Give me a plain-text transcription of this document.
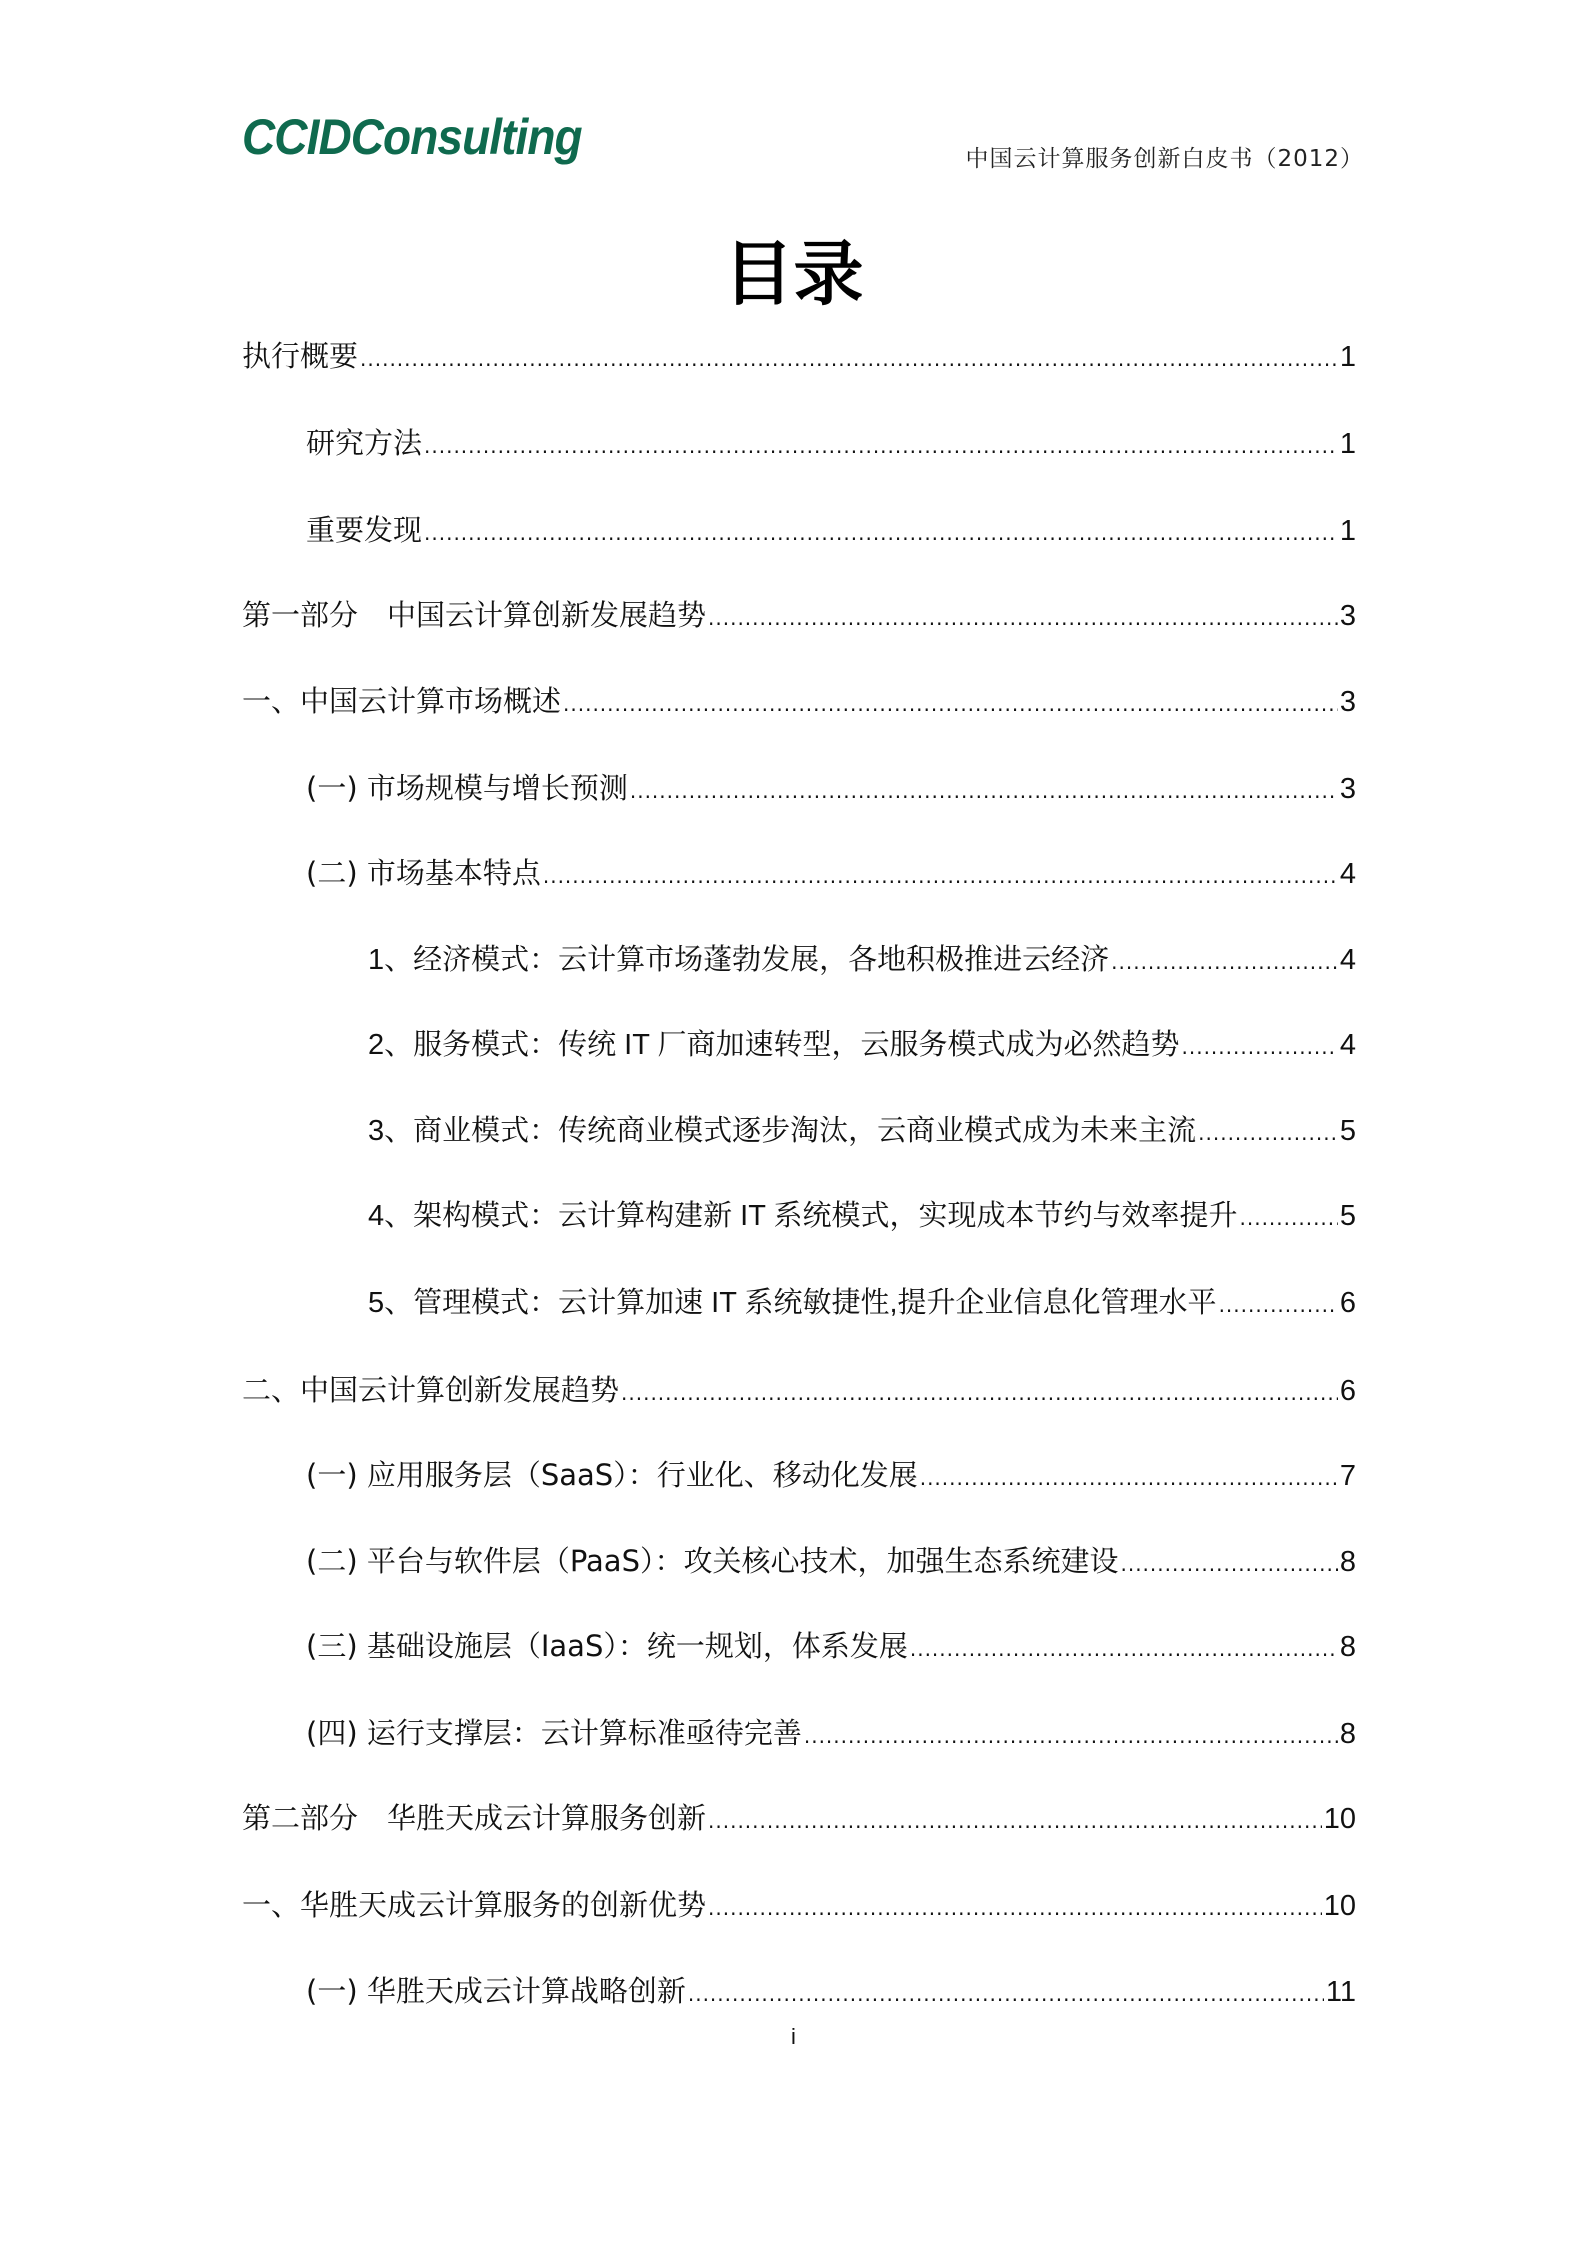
CCIDConsulting	中国云计算服务创新白皮书（2012）
目录
执行概要 .....	1
研究方法 .....	1
重要发现 .....	1
第一部分　中国云计算创新发展趋势 .....	3
一、中国云计算市场概述 .....	3
(一) 市场规模与增长预测 .....	3
(二) 市场基本特点 .....	4
1、经济模式：云计算市场蓬勃发展，各地积极推进云经济 .....	4
2、服务模式：传统 IT 厂商加速转型，云服务模式成为必然趋势 .....	4
3、商业模式：传统商业模式逐步淘汰，云商业模式成为未来主流 .....	5
4、架构模式：云计算构建新 IT 系统模式，实现成本节约与效率提升 .....	5
5、管理模式：云计算加速 IT 系统敏捷性,提升企业信息化管理水平 .....	6
二、中国云计算创新发展趋势 .....	6
(一) 应用服务层（SaaS）：行业化、移动化发展 .....	7
(二) 平台与软件层（PaaS）：攻关核心技术，加强生态系统建设 .....	8
(三) 基础设施层（IaaS）：统一规划，体系发展 .....	8
(四) 运行支撑层：云计算标准亟待完善 .....	8
第二部分　华胜天成云计算服务创新 .....	10
一、华胜天成云计算服务的创新优势 .....	10
(一) 华胜天成云计算战略创新 .....	11
i
